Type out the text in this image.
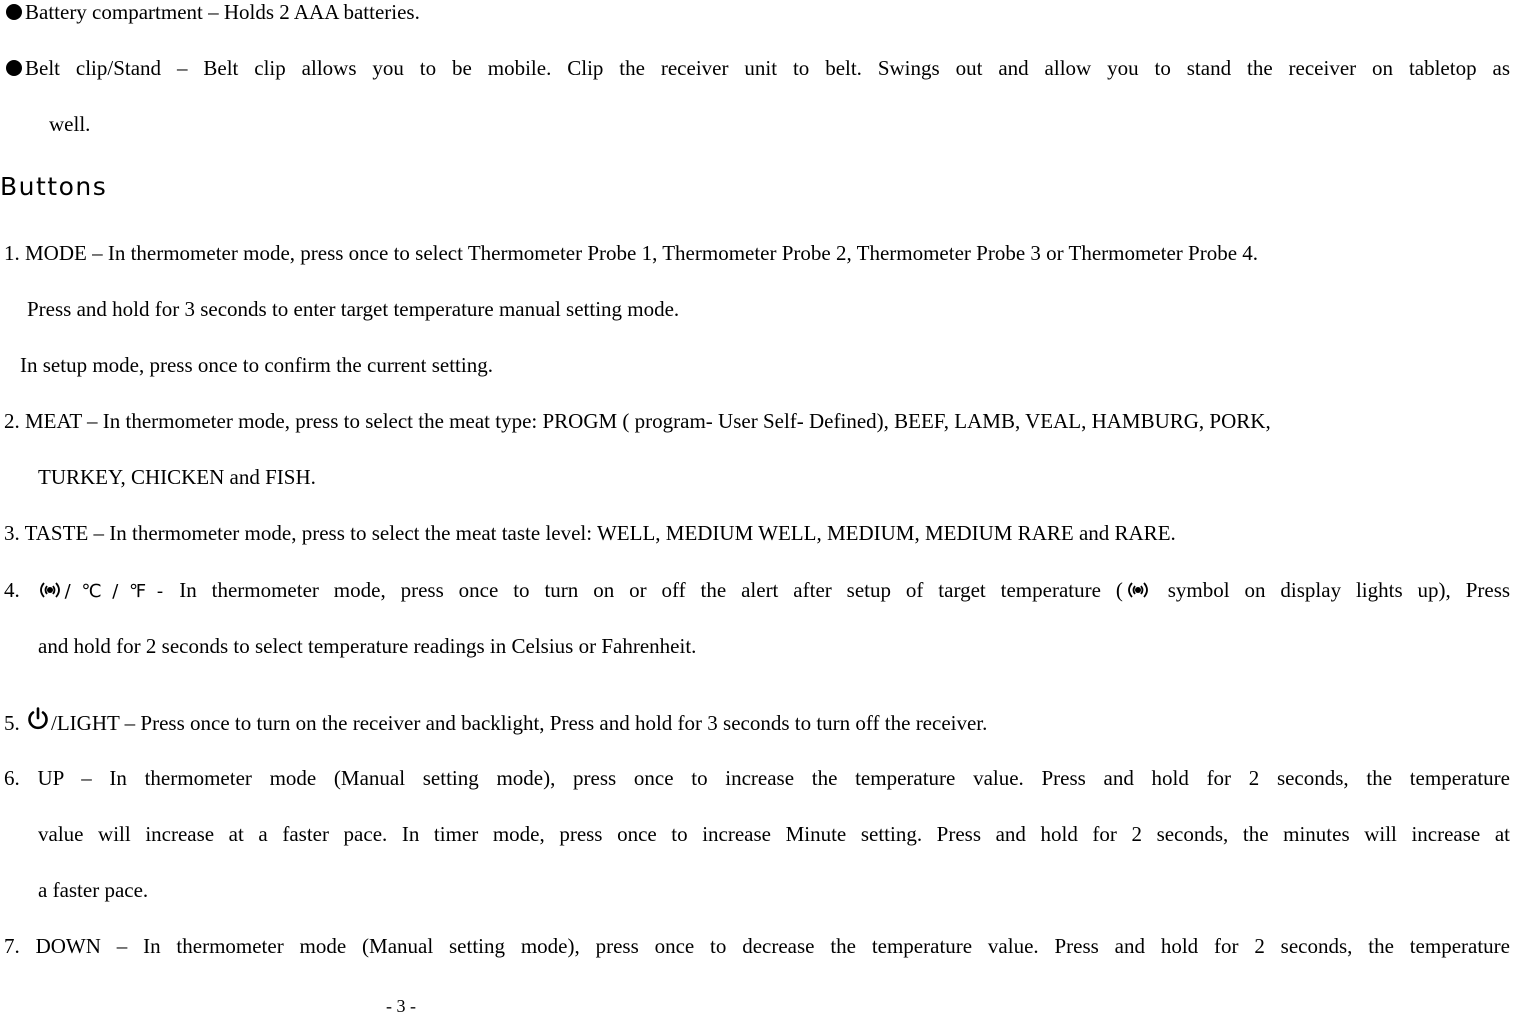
Battery compartment – Holds 2 AAA batteries.
Belt clip/Stand – Belt clip allows you to be mobile. Clip the receiver unit to belt. Swings out and allow you to stand the receiver on tabletop as
well.
Buttons
1. MODE – In thermometer mode, press once to select Thermometer Probe 1, Thermometer Probe 2, Thermometer Probe 3 or Thermometer Probe 4.
Press and hold for 3 seconds to enter target temperature manual setting mode.
In setup mode, press once to confirm the current setting.
2. MEAT – In thermometer mode, press to select the meat type: PROGM ( program- User Self- Defined), BEEF, LAMB, VEAL, HAMBURG, PORK,
TURKEY, CHICKEN and FISH.
3. TASTE – In thermometer mode, press to select the meat taste level: WELL, MEDIUM WELL, MEDIUM, MEDIUM RARE and RARE.
4. /℃/℉- In thermometer mode, press once to turn on or off the alert after setup of target temperature ( symbol on display lights up), Press
and hold for 2 seconds to select temperature readings in Celsius or Fahrenheit.
5. /LIGHT – Press once to turn on the receiver and backlight, Press and hold for 3 seconds to turn off the receiver.
6. UP – In thermometer mode (Manual setting mode), press once to increase the temperature value. Press and hold for 2 seconds, the temperature
value will increase at a faster pace. In timer mode, press once to increase Minute setting. Press and hold for 2 seconds, the minutes will increase at
a faster pace.
7. DOWN – In thermometer mode (Manual setting mode), press once to decrease the temperature value. Press and hold for 2 seconds, the temperature
- 3 -
